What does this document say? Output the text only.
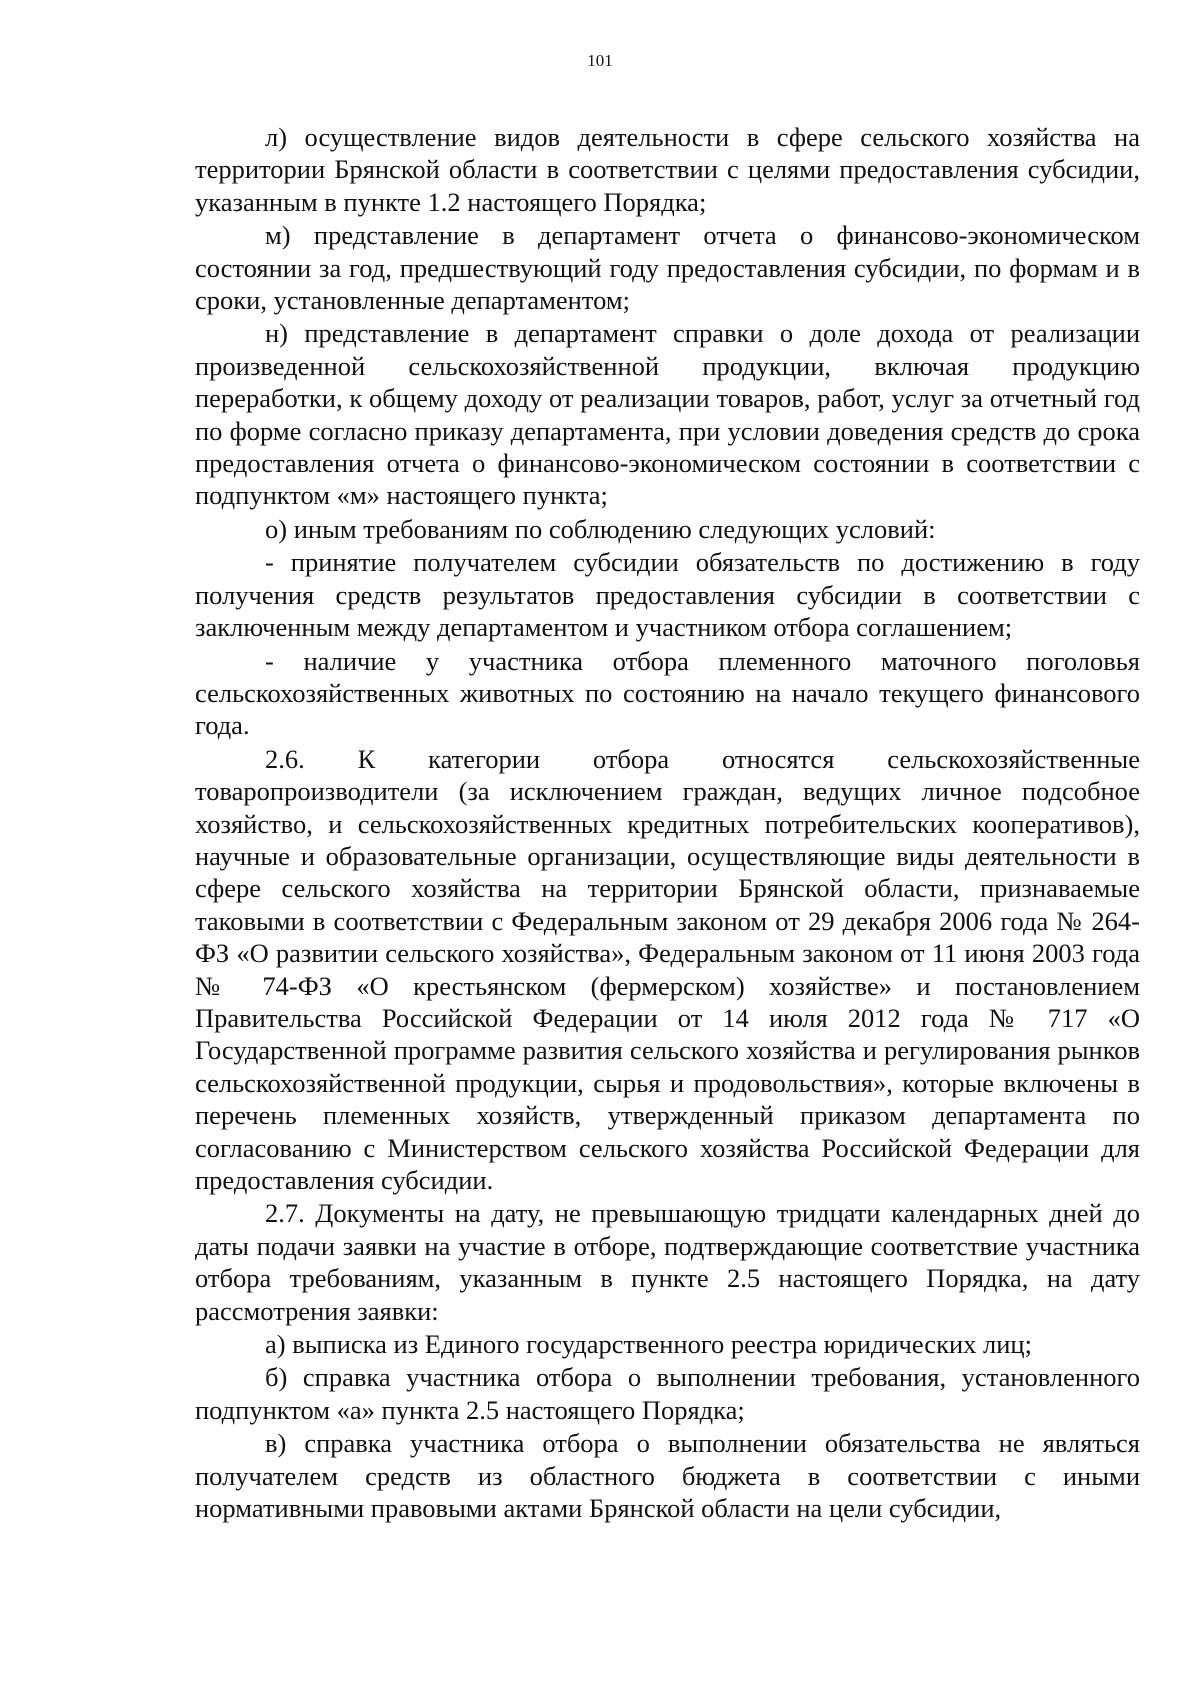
101

л) осуществление видов деятельности в сфере сельского хозяйства на территории Брянской области в соответствии с целями предоставления субсидии, указанным в пункте 1.2 настоящего Порядка;

м) представление в департамент отчета о финансово-экономическом состоянии за год, предшествующий году предоставления субсидии, по формам и в сроки, установленные департаментом;

н) представление в департамент справки о доле дохода от реализации произведенной сельскохозяйственной продукции, включая продукцию переработки, к общему доходу от реализации товаров, работ, услуг за отчетный год по форме согласно приказу департамента, при условии доведения средств до срока предоставления отчета о финансово-экономическом состоянии в соответствии с подпунктом «м» настоящего пункта;

о) иным требованиям по соблюдению следующих условий:

- принятие получателем субсидии обязательств по достижению в году получения средств результатов предоставления субсидии в соответствии с заключенным между департаментом и участником отбора соглашением;

- наличие у участника отбора племенного маточного поголовья сельскохозяйственных животных по состоянию на начало текущего финансового года.

2.6. К категории отбора относятся сельскохозяйственные товаропроизводители (за исключением граждан, ведущих личное подсобное хозяйство, и сельскохозяйственных кредитных потребительских кооперативов), научные и образовательные организации, осуществляющие виды деятельности в сфере сельского хозяйства на территории Брянской области, признаваемые таковыми в соответствии с Федеральным законом от 29 декабря 2006 года № 264-ФЗ «О развитии сельского хозяйства», Федеральным законом от 11 июня 2003 года № 74-ФЗ «О крестьянском (фермерском) хозяйстве» и постановлением Правительства Российской Федерации от 14 июля 2012 года № 717 «О Государственной программе развития сельского хозяйства и регулирования рынков сельскохозяйственной продукции, сырья и продовольствия», которые включены в перечень племенных хозяйств, утвержденный приказом департамента по согласованию с Министерством сельского хозяйства Российской Федерации для предоставления субсидии.

2.7. Документы на дату, не превышающую тридцати календарных дней до даты подачи заявки на участие в отборе, подтверждающие соответствие участника отбора требованиям, указанным в пункте 2.5 настоящего Порядка, на дату рассмотрения заявки:

а) выписка из Единого государственного реестра юридических лиц;

б) справка участника отбора о выполнении требования, установленного подпунктом «а» пункта 2.5 настоящего Порядка;

в) справка участника отбора о выполнении обязательства не являться получателем средств из областного бюджета в соответствии с иными нормативными правовыми актами Брянской области на цели субсидии,
